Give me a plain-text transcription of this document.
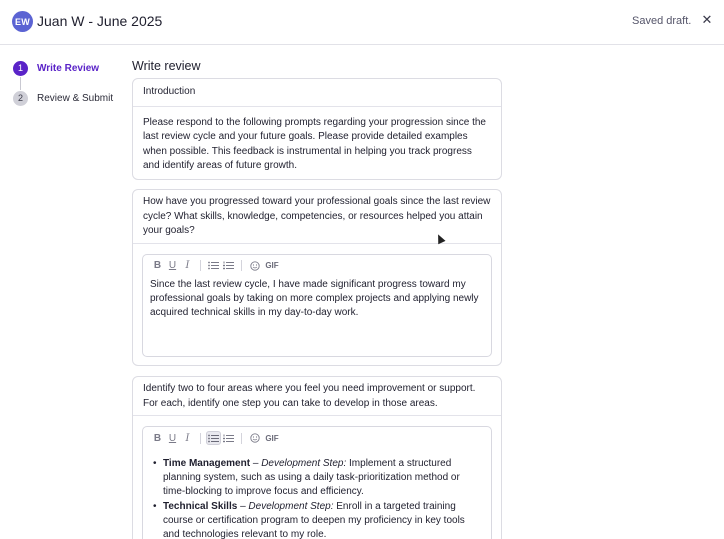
EW Juan W - June 2025	Saved draft. ✕
1	Write Review
2	Review & Submit
Write review
Introduction
Please respond to the following prompts regarding your progression since the last review cycle and your future goals. Please provide detailed examples when possible. This feedback is instrumental in helping you track progress and identify areas of future growth.
How have you progressed toward your professional goals since the last review cycle? What skills, knowledge, competencies, or resources helped you attain your goals?
B U I	GIF
Since the last review cycle, I have made significant progress toward my professional goals by taking on more complex projects and applying newly acquired technical skills in my day-to-day work.
Identify two to four areas where you feel you need improvement or support. For each, identify one step you can take to develop in those areas.
B U I	GIF
• Time Management – Development Step: Implement a structured planning system, such as using a daily task-prioritization method or time-blocking to improve focus and efficiency.
• Technical Skills – Development Step: Enroll in a targeted training course or certification program to deepen my proficiency in key tools and technologies relevant to my role.
